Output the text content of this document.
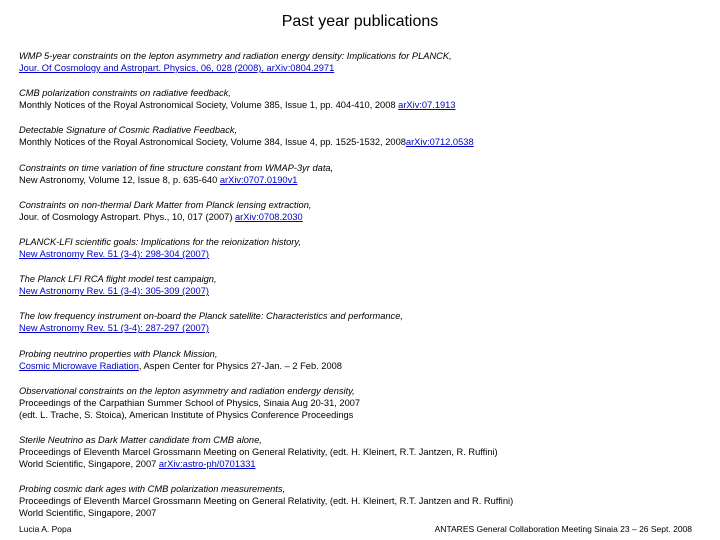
Past year publications
WMP 5-year constraints on the lepton asymmetry and radiation energy density: Implications for PLANCK,
Jour. Of Cosmology and Astropart. Physics, 06, 028 (2008), arXiv:0804.2971
CMB polarization constraints on radiative feedback,
Monthly Notices of the Royal Astronomical Society, Volume 385, Issue 1, pp. 404-410, 2008 arXiv:07.1913
Detectable Signature of Cosmic Radiative Feedback,
Monthly Notices of the Royal Astronomical Society, Volume 384, Issue 4, pp. 1525-1532, 2008arXiv:0712.0538
Constraints on time variation of fine structure constant from WMAP-3yr data,
New Astronomy, Volume 12, Issue 8, p. 635-640 arXiv:0707.0190v1
Constraints on non-thermal Dark Matter from Planck lensing extraction,
Jour. of Cosmology Astropart. Phys., 10, 017 (2007) arXiv:0708.2030
PLANCK-LFI scientific goals: Implications for the reionization history,
New Astronomy Rev. 51 (3-4): 298-304 (2007)
The Planck LFI RCA flight model test campaign,
New Astronomy Rev. 51 (3-4): 305-309 (2007)
The low frequency instrument on-board the Planck satellite: Characteristics and performance,
New Astronomy Rev. 51 (3-4): 287-297 (2007)
Probing neutrino properties with Planck Mission,
Cosmic Microwave Radiation, Aspen Center for Physics 27-Jan. – 2 Feb. 2008
Observational constraints on the lepton asymmetry and radiation endergy density,
Proceedings of the Carpathian Summer School of Physics, Sinaia Aug 20-31, 2007
(edt. L. Trache, S. Stoica), American Institute of Physics Conference Proceedings
Sterile Neutrino as Dark Matter candidate from CMB alone,
Proceedings of Eleventh Marcel Grossmann Meeting on General Relativity, (edt. H. Kleinert, R.T. Jantzen, R. Ruffini)
World Scientific, Singapore, 2007 arXiv:astro-ph/0701331
Probing cosmic dark ages with CMB polarization measurements,
Proceedings of Eleventh Marcel Grossmann Meeting on General Relativity, (edt. H. Kleinert, R.T. Jantzen and R. Ruffini)
World Scientific, Singapore, 2007
Lucia A. Popa	ANTARES General Collaboration Meeting Sinaia 23 – 26 Sept. 2008
